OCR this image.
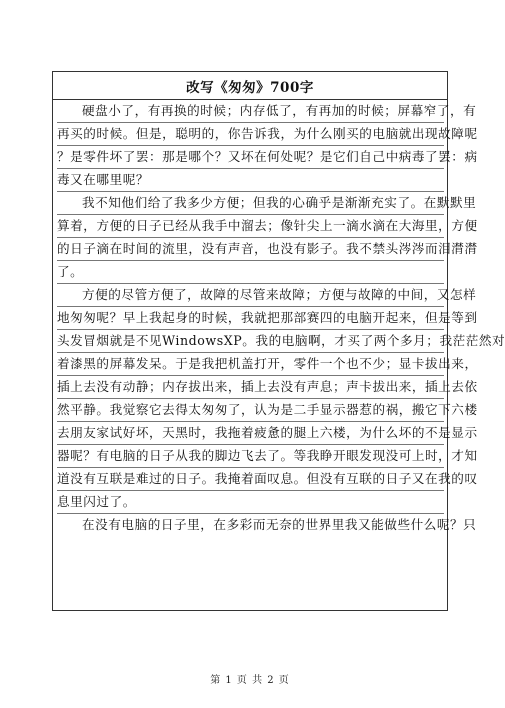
改写《匆匆》700字
硬盘小了，有再换的时候；内存低了，有再加的时候；屏幕窄了，有
再买的时候。但是，聪明的，你告诉我，为什么刚买的电脑就出现故障呢
？是零件坏了罢：那是哪个？又坏在何处呢？是它们自己中病毒了罢：病
毒又在哪里呢？
我不知他们给了我多少方便；但我的心确乎是渐渐充实了。在默默里
算着，方便的日子已经从我手中溜去；像针尖上一滴水滴在大海里，方便
的日子滴在时间的流里，没有声音，也没有影子。我不禁头涔涔而泪潸潸
了。
方便的尽管方便了，故障的尽管来故障；方便与故障的中间，又怎样
地匆匆呢？早上我起身的时候，我就把那部赛四的电脑开起来，但是等到
头发冒烟就是不见WindowsXP。我的电脑啊，才买了两个多月；我茫茫然对
着漆黑的屏幕发呆。于是我把机盖打开，零件一个也不少；显卡拔出来，
插上去没有动静；内存拔出来，插上去没有声息；声卡拔出来，插上去依
然平静。我觉察它去得太匆匆了，认为是二手显示器惹的祸，搬它下六楼
去朋友家试好坏，天黑时，我拖着疲惫的腿上六楼，为什么坏的不是显示
器呢？有电脑的日子从我的脚边飞去了。等我睁开眼发现没可上时，才知
道没有互联是难过的日子。我掩着面叹息。但没有互联的日子又在我的叹
息里闪过了。
在没有电脑的日子里，在多彩而无奈的世界里我又能做些什么呢？只
第 1 页 共 2 页
